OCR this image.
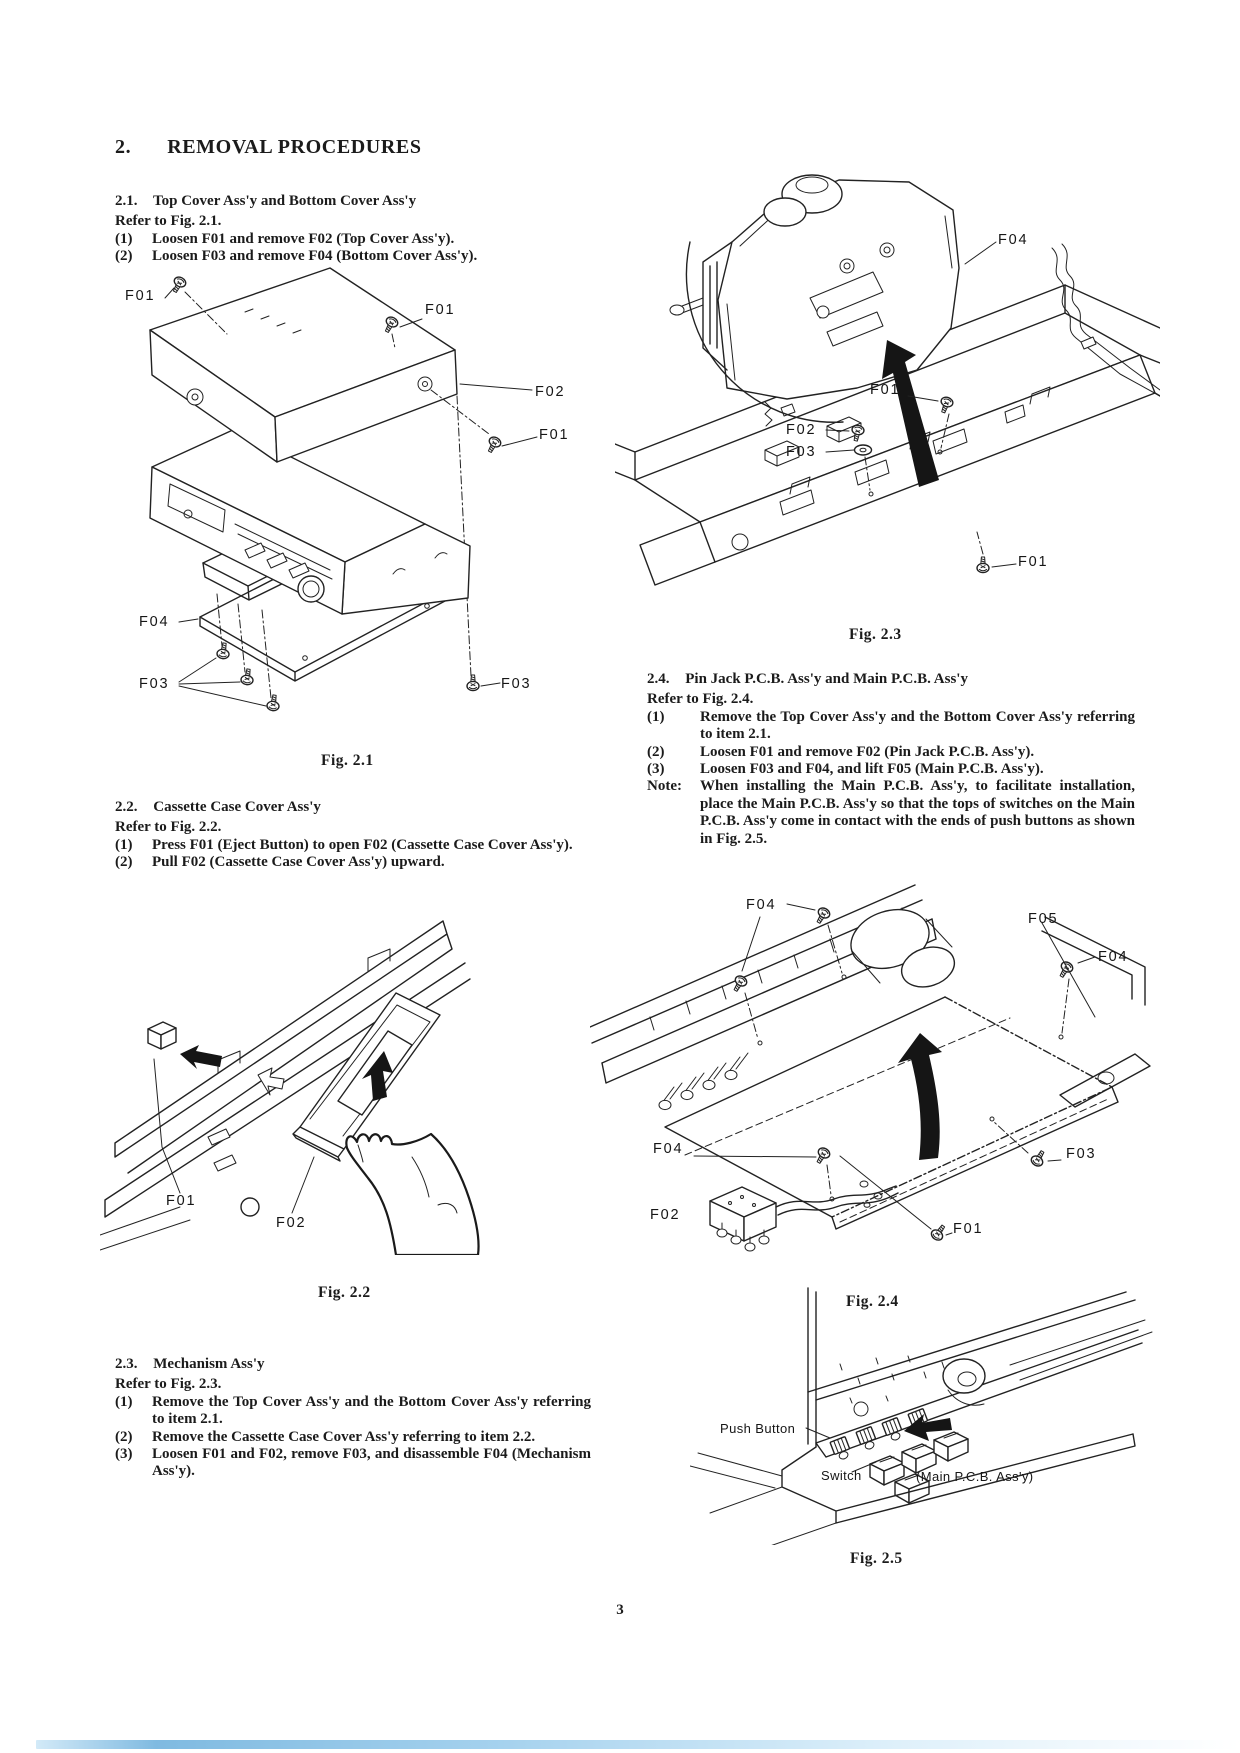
2. REMOVAL PROCEDURES
2.1. Top Cover Ass'y and Bottom Cover Ass'y

Refer to Fig. 2.1.

(1) Loosen F01 and remove F02 (Top Cover Ass'y).
(2) Loosen F03 and remove F04 (Bottom Cover Ass'y).
F01
F01
F02
F01
F04
F03	F03
Fig. 2.1
2.2. Cassette Case Cover Ass'y

Refer to Fig. 2.2.

(1) Press F01 (Eject Button) to open F02 (Cassette Case Cover Ass'y).
(2) Pull F02 (Cassette Case Cover Ass'y) upward.
F01
F02
Fig. 2.2
2.3. Mechanism Ass'y

Refer to Fig. 2.3.

(1) Remove the Top Cover Ass'y and the Bottom Cover Ass'y referring to item 2.1.
(2) Remove the Cassette Case Cover Ass'y referring to item 2.2.
(3) Loosen F01 and F02, remove F03, and disassemble F04 (Mechanism Ass'y).
F04
F01
F02
F03
F01
Fig. 2.3
2.4. Pin Jack P.C.B. Ass'y and Main P.C.B. Ass'y

Refer to Fig. 2.4.

(1) Remove the Top Cover Ass'y and the Bottom Cover Ass'y referring to item 2.1.
(2) Loosen F01 and remove F02 (Pin Jack P.C.B. Ass'y).
(3) Loosen F03 and F04, and lift F05 (Main P.C.B. Ass'y).
Note: When installing the Main P.C.B. Ass'y, to facilitate installation, place the Main P.C.B. Ass'y so that the tops of switches on the Main P.C.B. Ass'y come in contact with the ends of push buttons as shown in Fig. 2.5.
F04
F05
F04
F04	F03
F02
F01
Fig. 2.4
Push Button
Switch	(Main P.C.B. Ass'y)
Fig. 2.5
3
